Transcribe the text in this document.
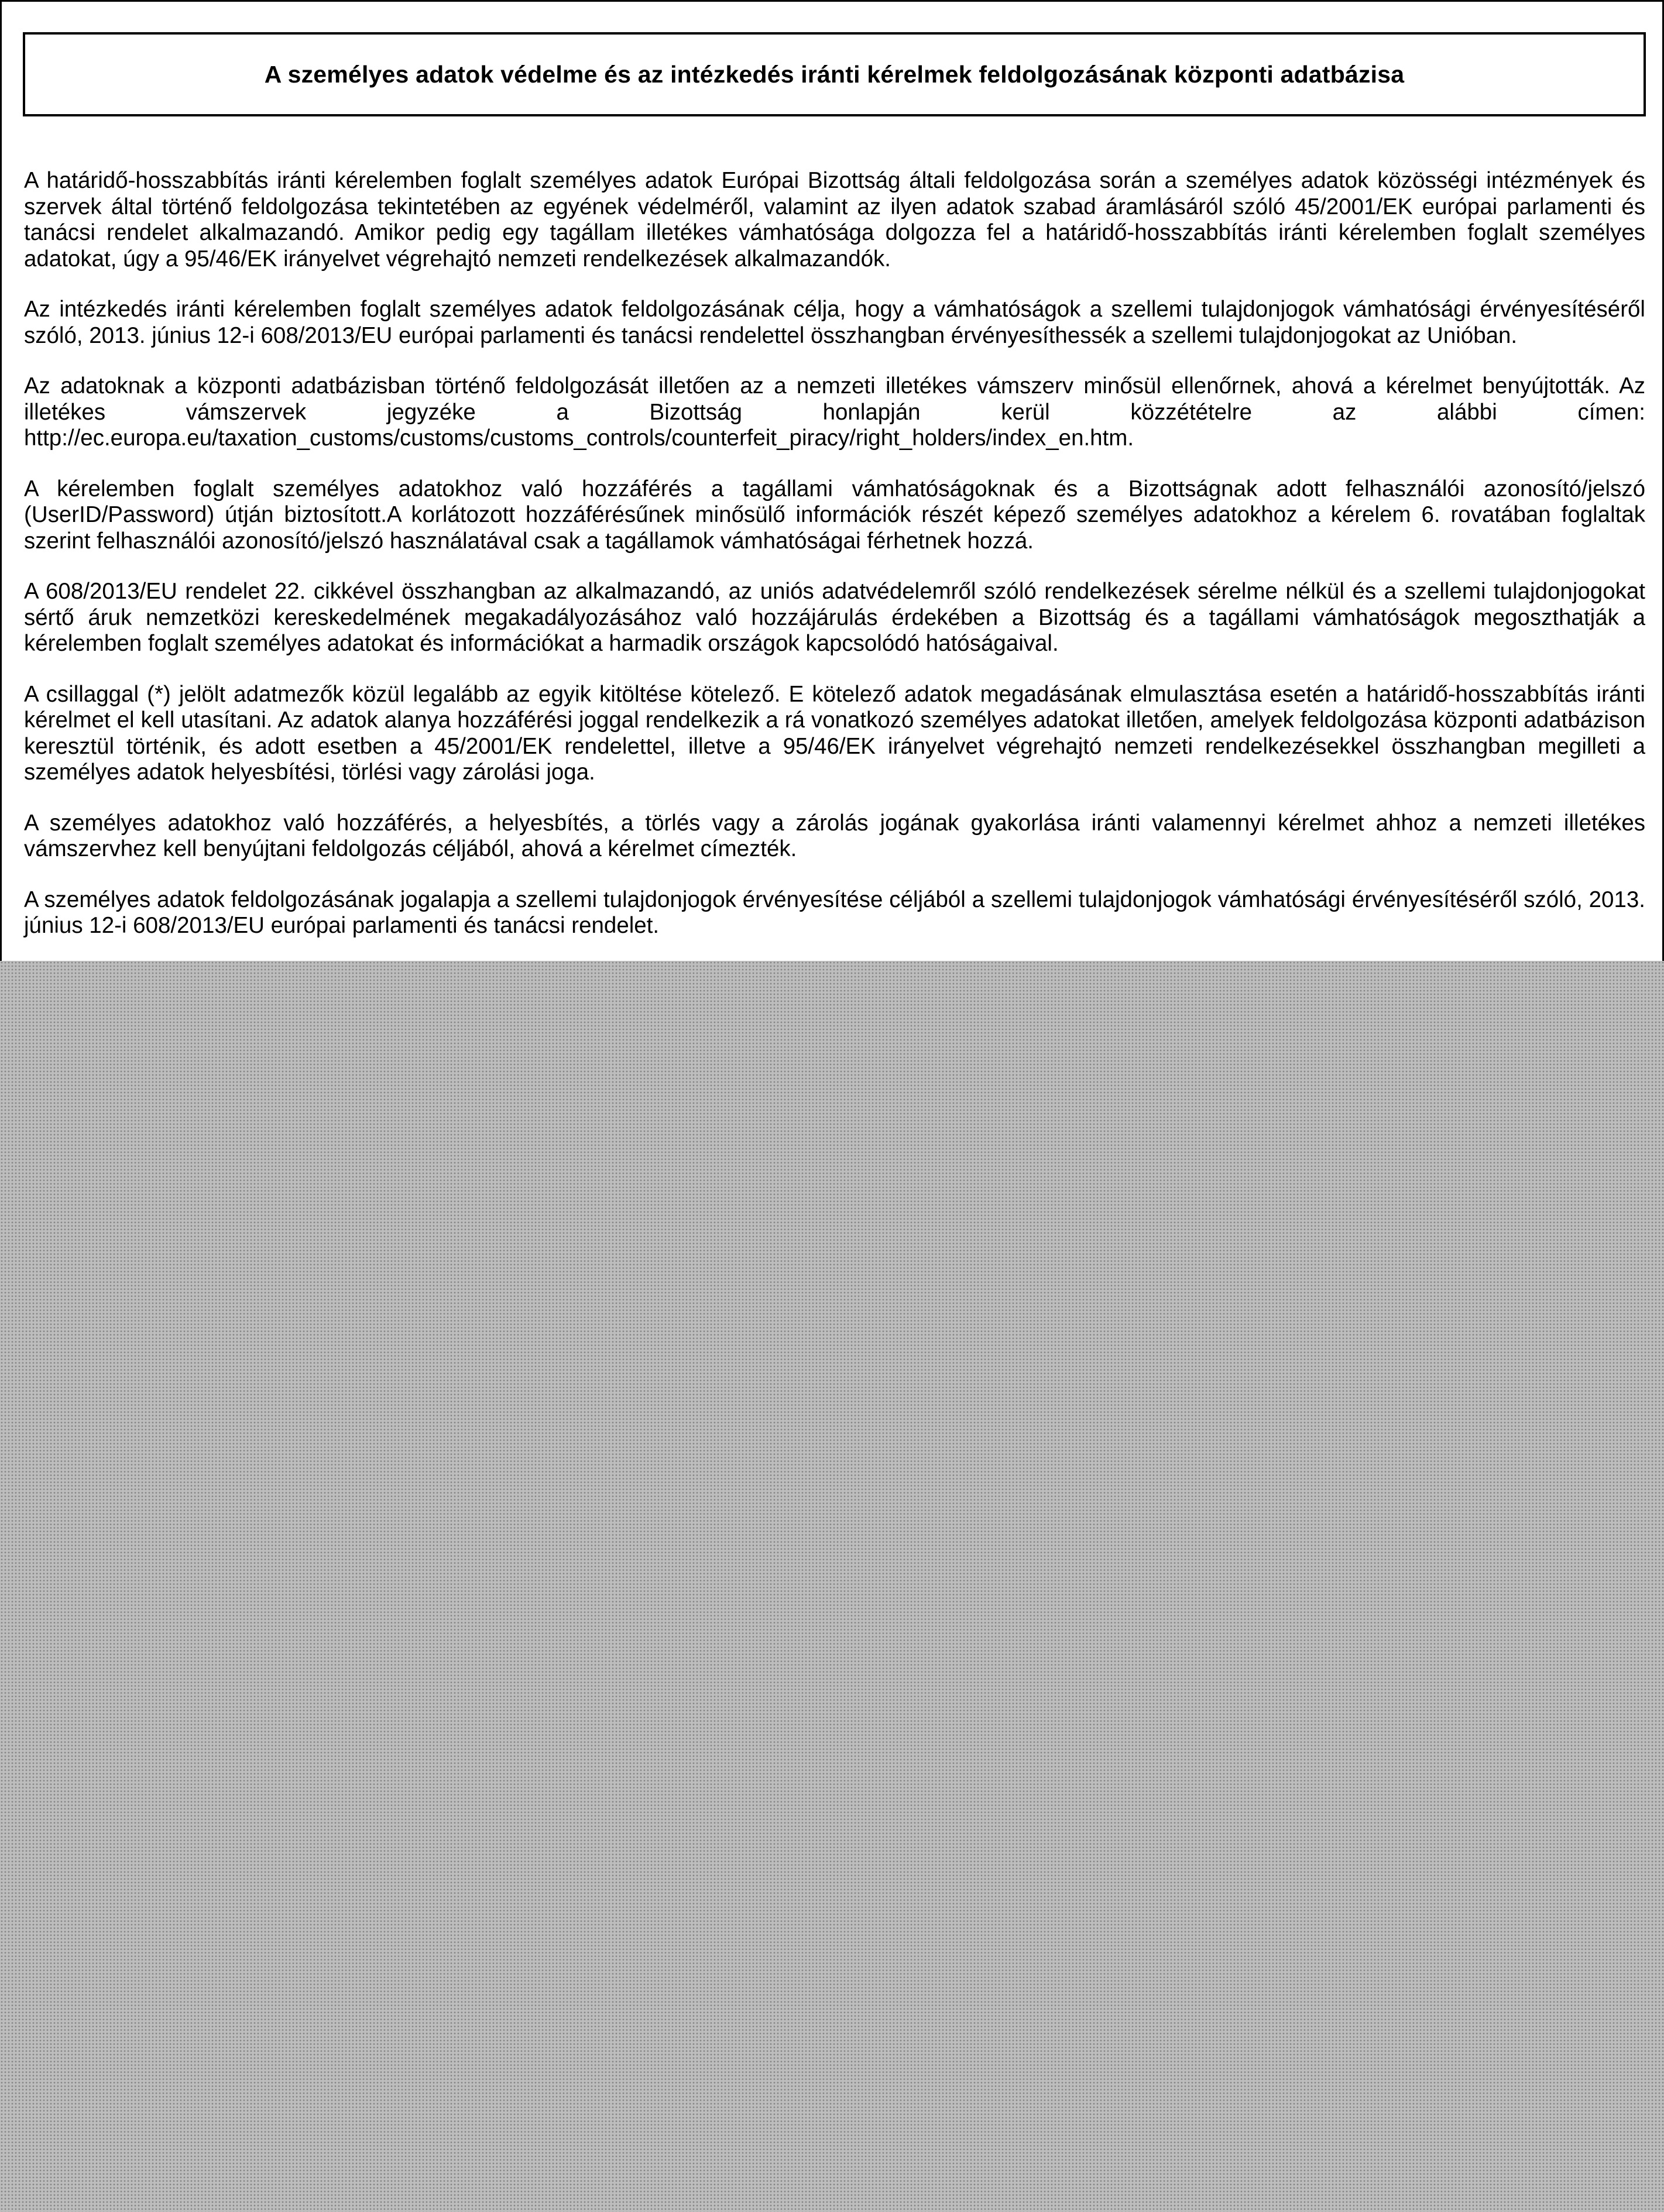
A személyes adatok védelme és az intézkedés iránti kérelmek feldolgozásának központi adatbázisa

A határidő-hosszabbítás iránti kérelemben foglalt személyes adatok Európai Bizottság általi feldolgozása során a személyes adatok közösségi intézmények és szervek által történő feldolgozása tekintetében az egyének védelméről, valamint az ilyen adatok szabad áramlásáról szóló 45/2001/EK európai parlamenti és tanácsi rendelet alkalmazandó. Amikor pedig egy tagállam illetékes vámhatósága dolgozza fel a határidő-hosszabbítás iránti kérelemben foglalt személyes adatokat, úgy a 95/46/EK irányelvet végrehajtó nemzeti rendelkezések alkalmazandók.

Az intézkedés iránti kérelemben foglalt személyes adatok feldolgozásának célja, hogy a vámhatóságok a szellemi tulajdonjogok vámhatósági érvényesítéséről szóló, 2013. június 12-i 608/2013/EU európai parlamenti és tanácsi rendelettel összhangban érvényesíthessék a szellemi tulajdonjogokat az Unióban.

Az adatoknak a központi adatbázisban történő feldolgozását illetően az a nemzeti illetékes vámszerv minősül ellenőrnek, ahová a kérelmet benyújtották. Az illetékes vámszervek jegyzéke a Bizottság honlapján kerül közzétételre az alábbi címen: http://ec.europa.eu/taxation_customs/customs/customs_controls/counterfeit_piracy/right_holders/index_en.htm.

A kérelemben foglalt személyes adatokhoz való hozzáférés a tagállami vámhatóságoknak és a Bizottságnak adott felhasználói azonosító/jelszó (UserID/Password) útján biztosított.A korlátozott hozzáférésűnek minősülő információk részét képező személyes adatokhoz a kérelem 6. rovatában foglaltak szerint felhasználói azonosító/jelszó használatával csak a tagállamok vámhatóságai férhetnek hozzá.

A 608/2013/EU rendelet 22. cikkével összhangban az alkalmazandó, az uniós adatvédelemről szóló rendelkezések sérelme nélkül és a szellemi tulajdonjogokat sértő áruk nemzetközi kereskedelmének megakadályozásához való hozzájárulás érdekében a Bizottság és a tagállami vámhatóságok megoszthatják a kérelemben foglalt személyes adatokat és információkat a harmadik országok kapcsolódó hatóságaival.

A csillaggal (*) jelölt adatmezők közül legalább az egyik kitöltése kötelező. E kötelező adatok megadásának elmulasztása esetén a határidő-hosszabbítás iránti kérelmet el kell utasítani. Az adatok alanya hozzáférési joggal rendelkezik a rá vonatkozó személyes adatokat illetően, amelyek feldolgozása központi adatbázison keresztül történik, és adott esetben a 45/2001/EK rendelettel, illetve a 95/46/EK irányelvet végrehajtó nemzeti rendelkezésekkel összhangban megilleti a személyes adatok helyesbítési, törlési vagy zárolási joga.

A személyes adatokhoz való hozzáférés, a helyesbítés, a törlés vagy a zárolás jogának gyakorlása iránti valamennyi kérelmet ahhoz a nemzeti illetékes vámszervhez kell benyújtani feldolgozás céljából, ahová a kérelmet címezték.

A személyes adatok feldolgozásának jogalapja a szellemi tulajdonjogok érvényesítése céljából a szellemi tulajdonjogok vámhatósági érvényesítéséről szóló, 2013. június 12-i 608/2013/EU európai parlamenti és tanácsi rendelet.
